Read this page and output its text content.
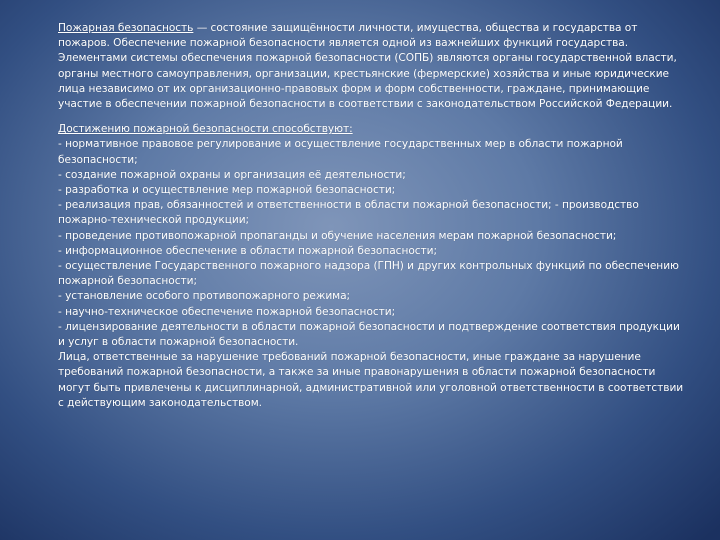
Пожарная безопасность — состояние защищённости личности, имущества, общества и государства от пожаров. Обеспечение пожарной безопасности является одной из важнейших функций государства.

Элементами системы обеспечения пожарной безопасности (СОПБ) являются органы государственной власти, органы местного самоуправления, организации, крестьянские (фермерские) хозяйства и иные юридические лица независимо от их организационно-правовых форм и форм собственности, граждане, принимающие участие в обеспечении пожарной безопасности в соответствии с законодательством Российской Федерации.

Достижению пожарной безопасности способствуют:

- нормативное правовое регулирование и осуществление государственных мер в области пожарной безопасности;

- создание пожарной охраны и организация её деятельности;

- разработка и осуществление мер пожарной безопасности;

- реализация прав, обязанностей и ответственности в области пожарной безопасности; - производство пожарно-технической продукции;

- проведение противопожарной пропаганды и обучение населения мерам пожарной безопасности;

- информационное обеспечение в области пожарной безопасности;

- осуществление Государственного пожарного надзора (ГПН) и других контрольных функций по обеспечению пожарной безопасности;

- установление особого противопожарного режима;

- научно-техническое обеспечение пожарной безопасности;

- лицензирование деятельности в области пожарной безопасности и подтверждение соответствия продукции и услуг в области пожарной безопасности.

Лица, ответственные за нарушение требований пожарной безопасности, иные граждане за нарушение требований пожарной безопасности, а также за иные правонарушения в области пожарной безопасности могут быть привлечены к дисциплинарной, административной или уголовной ответственности в соответствии с действующим законодательством.
